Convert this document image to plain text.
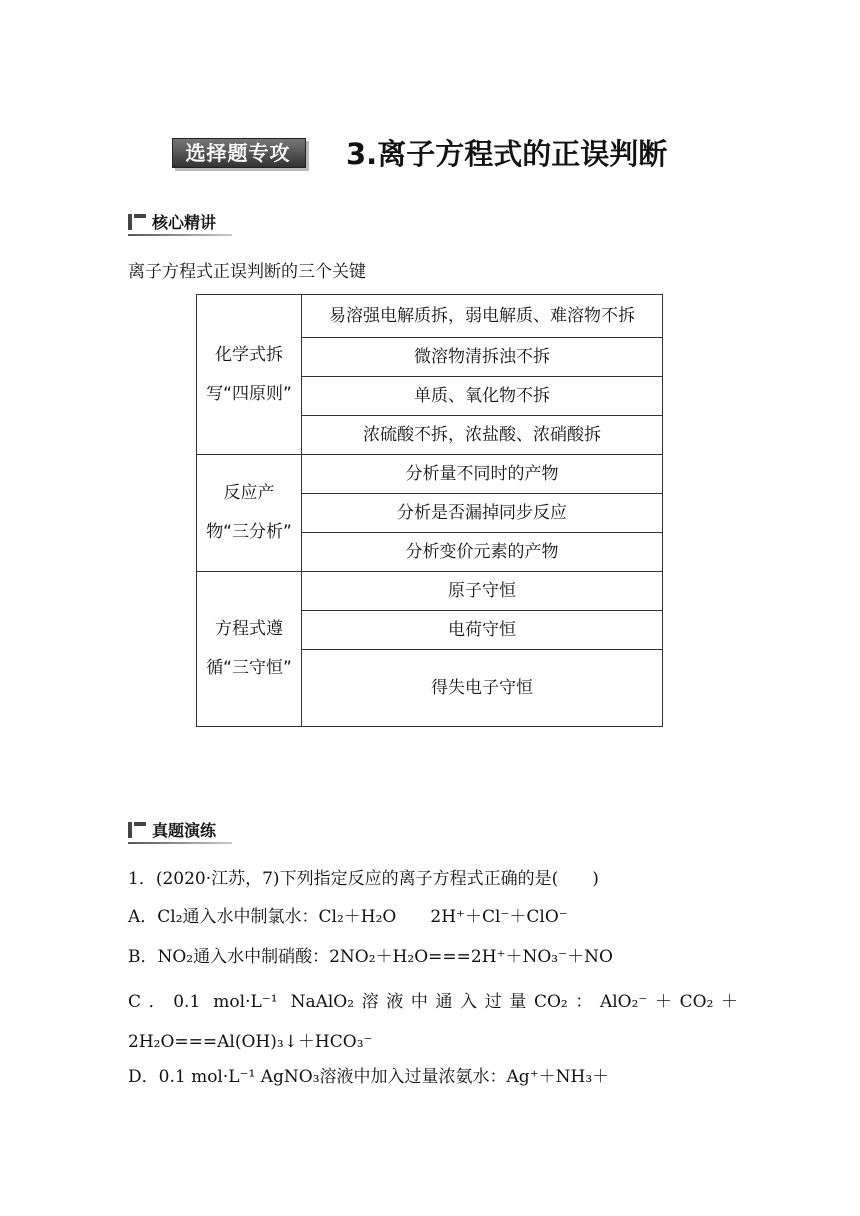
选择题专攻	3.离子方程式的正误判断
核心精讲
离子方程式正误判断的三个关键
化学式拆写“四原则”	易溶强电解质拆，弱电解质、难溶物不拆
	微溶物清拆浊不拆
	单质、氧化物不拆
	浓硫酸不拆，浓盐酸、浓硝酸拆
反应产物“三分析”	分析量不同时的产物
	分析是否漏掉同步反应
	分析变价元素的产物
方程式遵循“三守恒”	原子守恒
	电荷守恒
	得失电子守恒
真题演练
1．(2020·江苏，7)下列指定反应的离子方程式正确的是(　　)
A．Cl₂通入水中制氯水：Cl₂＋H₂O　　2H⁺＋Cl⁻＋ClO⁻
B．NO₂通入水中制硝酸：2NO₂＋H₂O===2H⁺＋NO₃⁻＋NO
C．0.1 mol·L⁻¹ NaAlO₂溶液中通入过量CO₂：AlO₂⁻＋CO₂＋2H₂O===Al(OH)₃↓＋HCO₃⁻
D．0.1 mol·L⁻¹ AgNO₃溶液中加入过量浓氨水：Ag⁺＋NH₃＋
